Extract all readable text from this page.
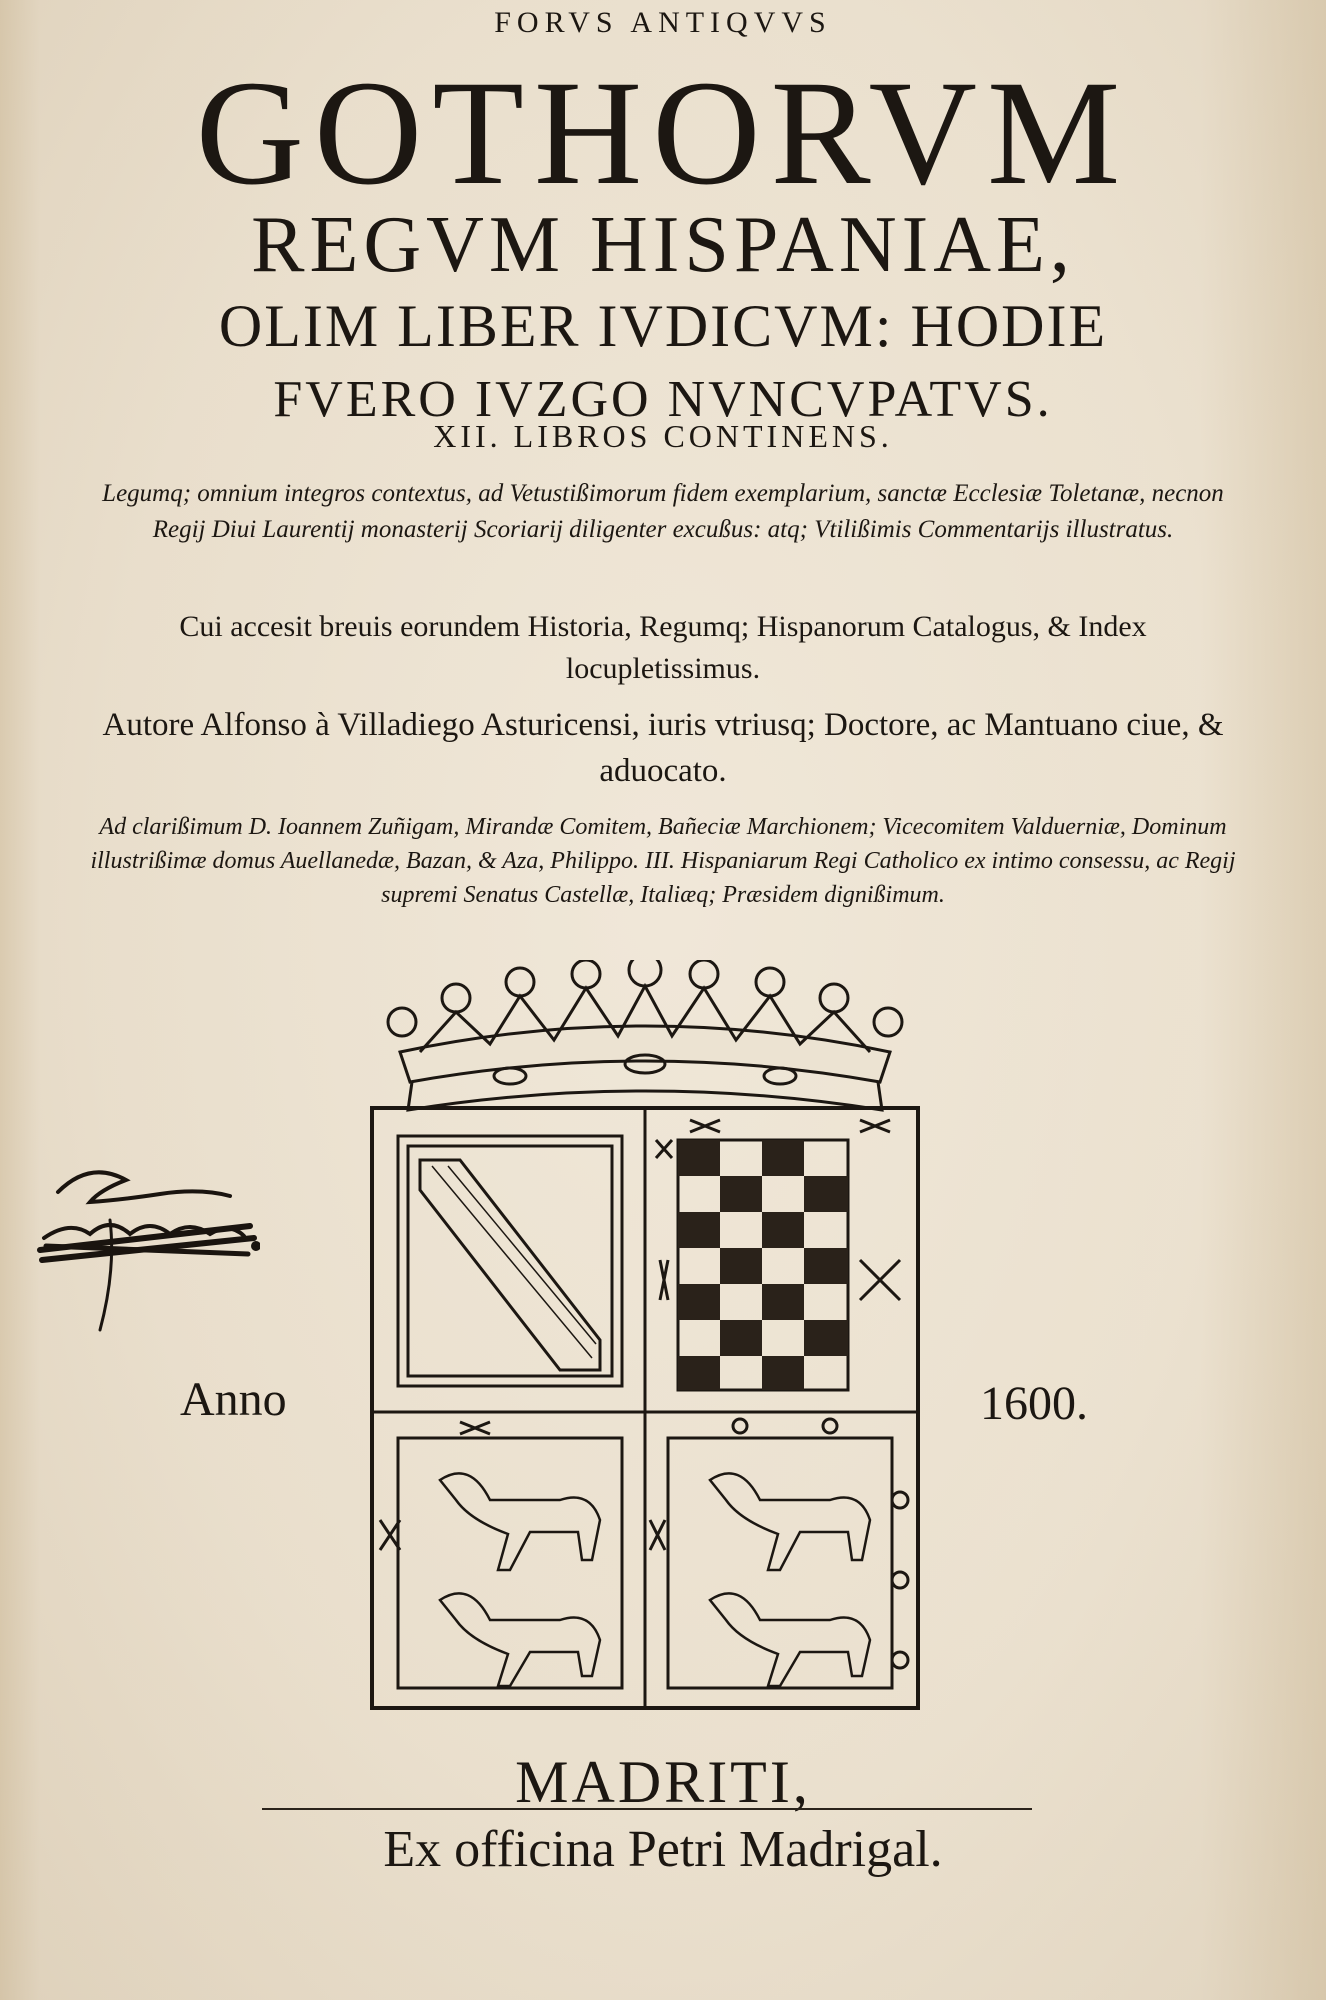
FORVS ANTIQVVS
GOTHORVM
REGVM HISPANIAE,
OLIM LIBER IVDICVM: HODIE
FVERO IVZGO NVNCVPATVS.
XII. LIBROS CONTINENS.
Legumq; omnium integros contextus, ad Vetustißimorum fidem exemplarium, sanctæ Ecclesiæ Toletanæ, necnon Regij Diui Laurentij monasterij Scoriarij diligenter excußus: atq; Vtilißimis Commentarijs illustratus.
Cui accesit breuis eorundem Historia, Regumq; Hispanorum Catalogus, & Index locupletissimus.
Autore Alfonso à Villadiego Asturicensi, iuris vtriusq; Doctore, ac Mantuano ciue, & aduocato.
Ad clarißimum D. Ioannem Zuñigam, Mirandæ Comitem, Bañeciæ Marchionem; Vicecomitem Valduerniæ, Dominum illustrißimæ domus Auellanedæ, Bazan, & Aza, Philippo. III. Hispaniarum Regi Catholico ex intimo consessu, ac Regij supremi Senatus Castellæ, Italiæq; Præsidem dignißimum.
Anno	1600.
MADRITI,
Ex officina Petri Madrigal.
